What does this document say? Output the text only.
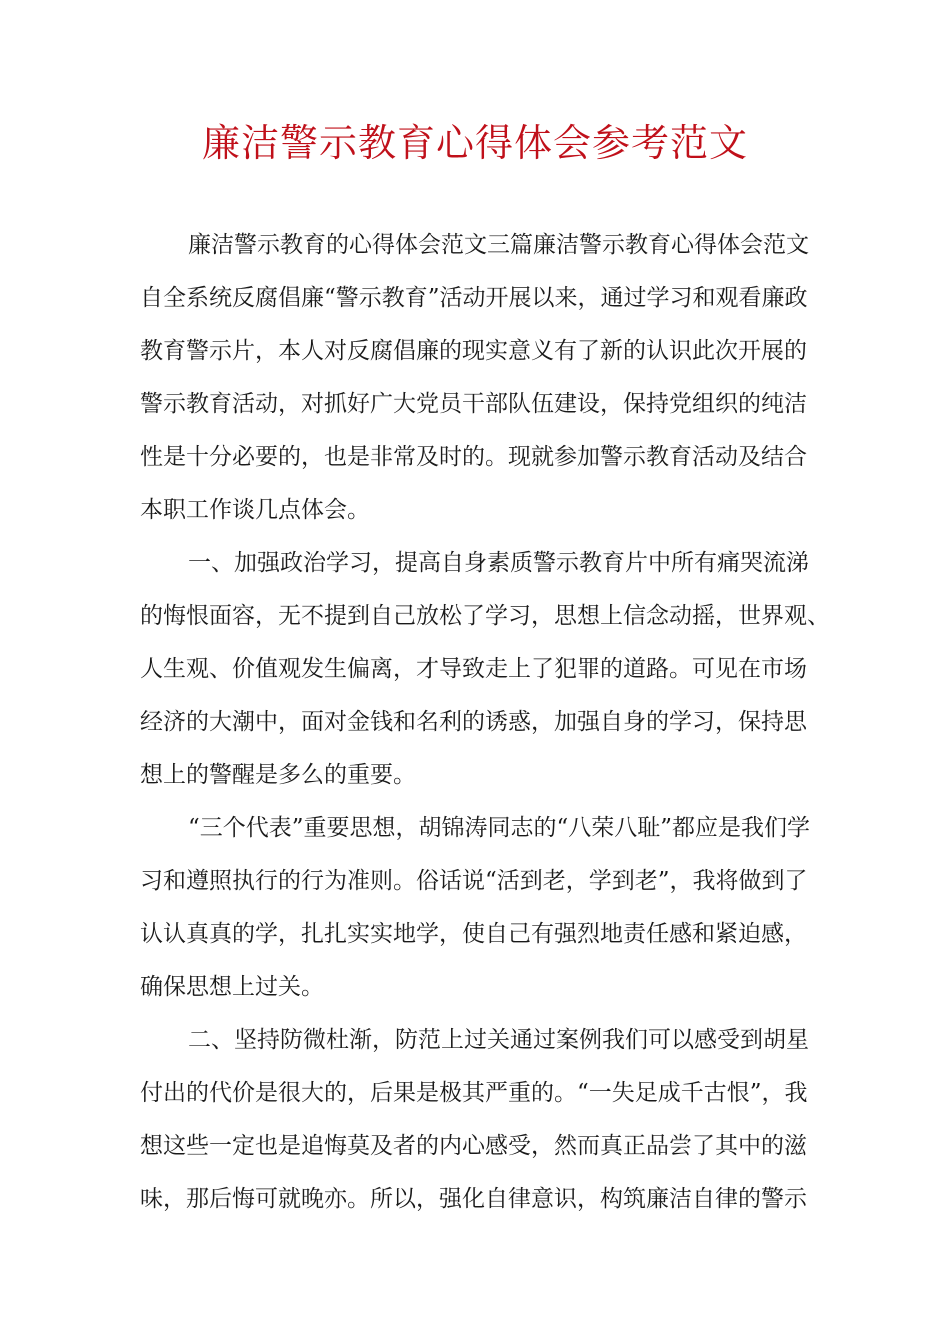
廉洁警示教育心得体会参考范文
廉洁警示教育的心得体会范文三篇廉洁警示教育心得体会范文
自全系统反腐倡廉“警示教育”活动开展以来，通过学习和观看廉政
教育警示片，本人对反腐倡廉的现实意义有了新的认识此次开展的
警示教育活动，对抓好广大党员干部队伍建设，保持党组织的纯洁
性是十分必要的，也是非常及时的。现就参加警示教育活动及结合
本职工作谈几点体会。
一、加强政治学习，提高自身素质警示教育片中所有痛哭流涕
的悔恨面容，无不提到自己放松了学习，思想上信念动摇，世界观、
人生观、价值观发生偏离，才导致走上了犯罪的道路。可见在市场
经济的大潮中，面对金钱和名利的诱惑，加强自身的学习，保持思
想上的警醒是多么的重要。
“三个代表”重要思想，胡锦涛同志的“八荣八耻”都应是我们学
习和遵照执行的行为准则。俗话说“活到老，学到老”，我将做到了
认认真真的学，扎扎实实地学，使自己有强烈地责任感和紧迫感，
确保思想上过关。
二、坚持防微杜渐，防范上过关通过案例我们可以感受到胡星
付出的代价是很大的，后果是极其严重的。“一失足成千古恨”，我
想这些一定也是追悔莫及者的内心感受，然而真正品尝了其中的滋
味，那后悔可就晚亦。所以，强化自律意识，构筑廉洁自律的警示
